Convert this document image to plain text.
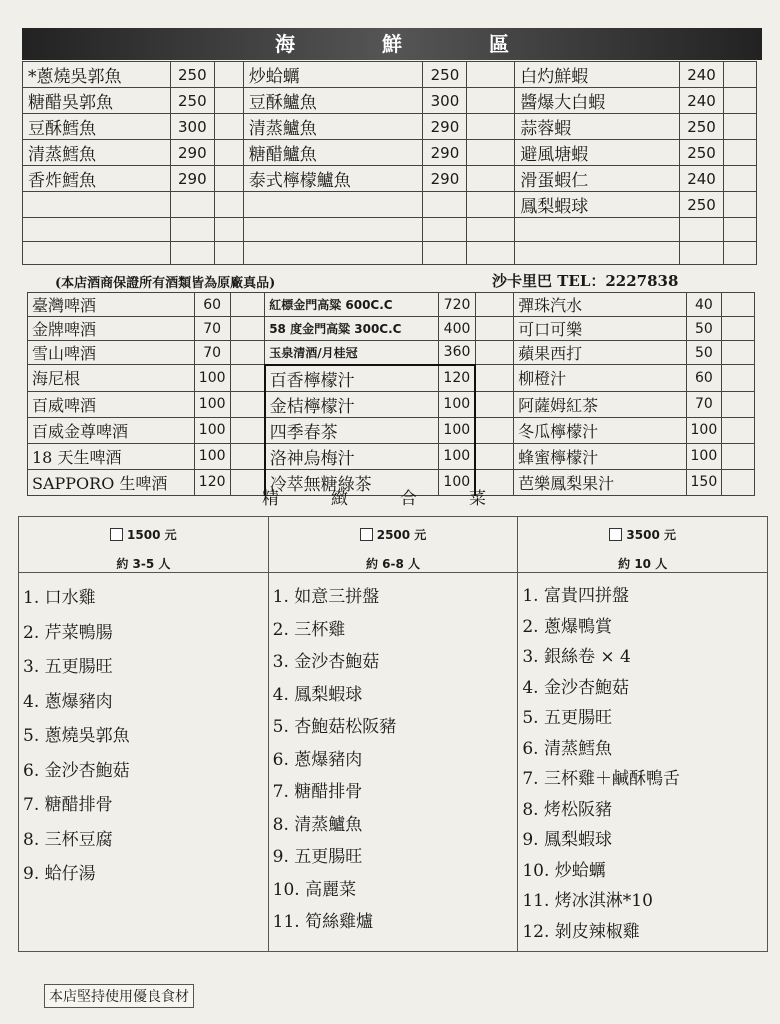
海 鮮 區
*蔥燒吳郭魚	250		炒蛤蠣	250		白灼鮮蝦	240	
糖醋吳郭魚	250		豆酥鱸魚	300		醬爆大白蝦	240	
豆酥鱈魚	300		清蒸鱸魚	290		蒜蓉蝦	250	
清蒸鱈魚	290		糖醋鱸魚	290		避風塘蝦	250	
香炸鱈魚	290		泰式檸檬鱸魚	290		滑蛋蝦仁	240	
						鳳梨蝦球	250	

(本店酒商保證所有酒類皆為原廠真品)	沙卡里巴 TEL：2227838
臺灣啤酒	60		紅標金門高粱 600C.C	720		彈珠汽水	40	
金牌啤酒	70		58 度金門高粱 300C.C	400		可口可樂	50	
雪山啤酒	70		玉泉清酒/月桂冠	360		蘋果西打	50	
海尼根	100		百香檸檬汁	120		柳橙汁	60	
百威啤酒	100		金桔檸檬汁	100		阿薩姆紅茶	70	
百威金尊啤酒	100		四季春茶	100		冬瓜檸檬汁	100	
18 天生啤酒	100		洛神烏梅汁	100		蜂蜜檸檬汁	100	
SAPPORO 生啤酒	120		冷萃無糖綠茶	100		芭樂鳳梨果汁	150	
精緻合菜
1500 元
約 3-5 人
1. 口水雞
2. 芹菜鴨腸
3. 五更腸旺
4. 蔥爆豬肉
5. 蔥燒吳郭魚
6. 金沙杏鮑菇
7. 糖醋排骨
8. 三杯豆腐
9. 蛤仔湯
2500 元
約 6-8 人
1. 如意三拼盤
2. 三杯雞
3. 金沙杏鮑菇
4. 鳳梨蝦球
5. 杏鮑菇松阪豬
6. 蔥爆豬肉
7. 糖醋排骨
8. 清蒸鱸魚
9. 五更腸旺
10. 高麗菜
11. 筍絲雞爐
3500 元
約 10 人
1. 富貴四拼盤
2. 蔥爆鴨賞
3. 銀絲卷 × 4
4. 金沙杏鮑菇
5. 五更腸旺
6. 清蒸鱈魚
7. 三杯雞＋鹹酥鴨舌
8. 烤松阪豬
9. 鳳梨蝦球
10. 炒蛤蠣
11. 烤冰淇淋*10
12. 剝皮辣椒雞
本店堅持使用優良食材
